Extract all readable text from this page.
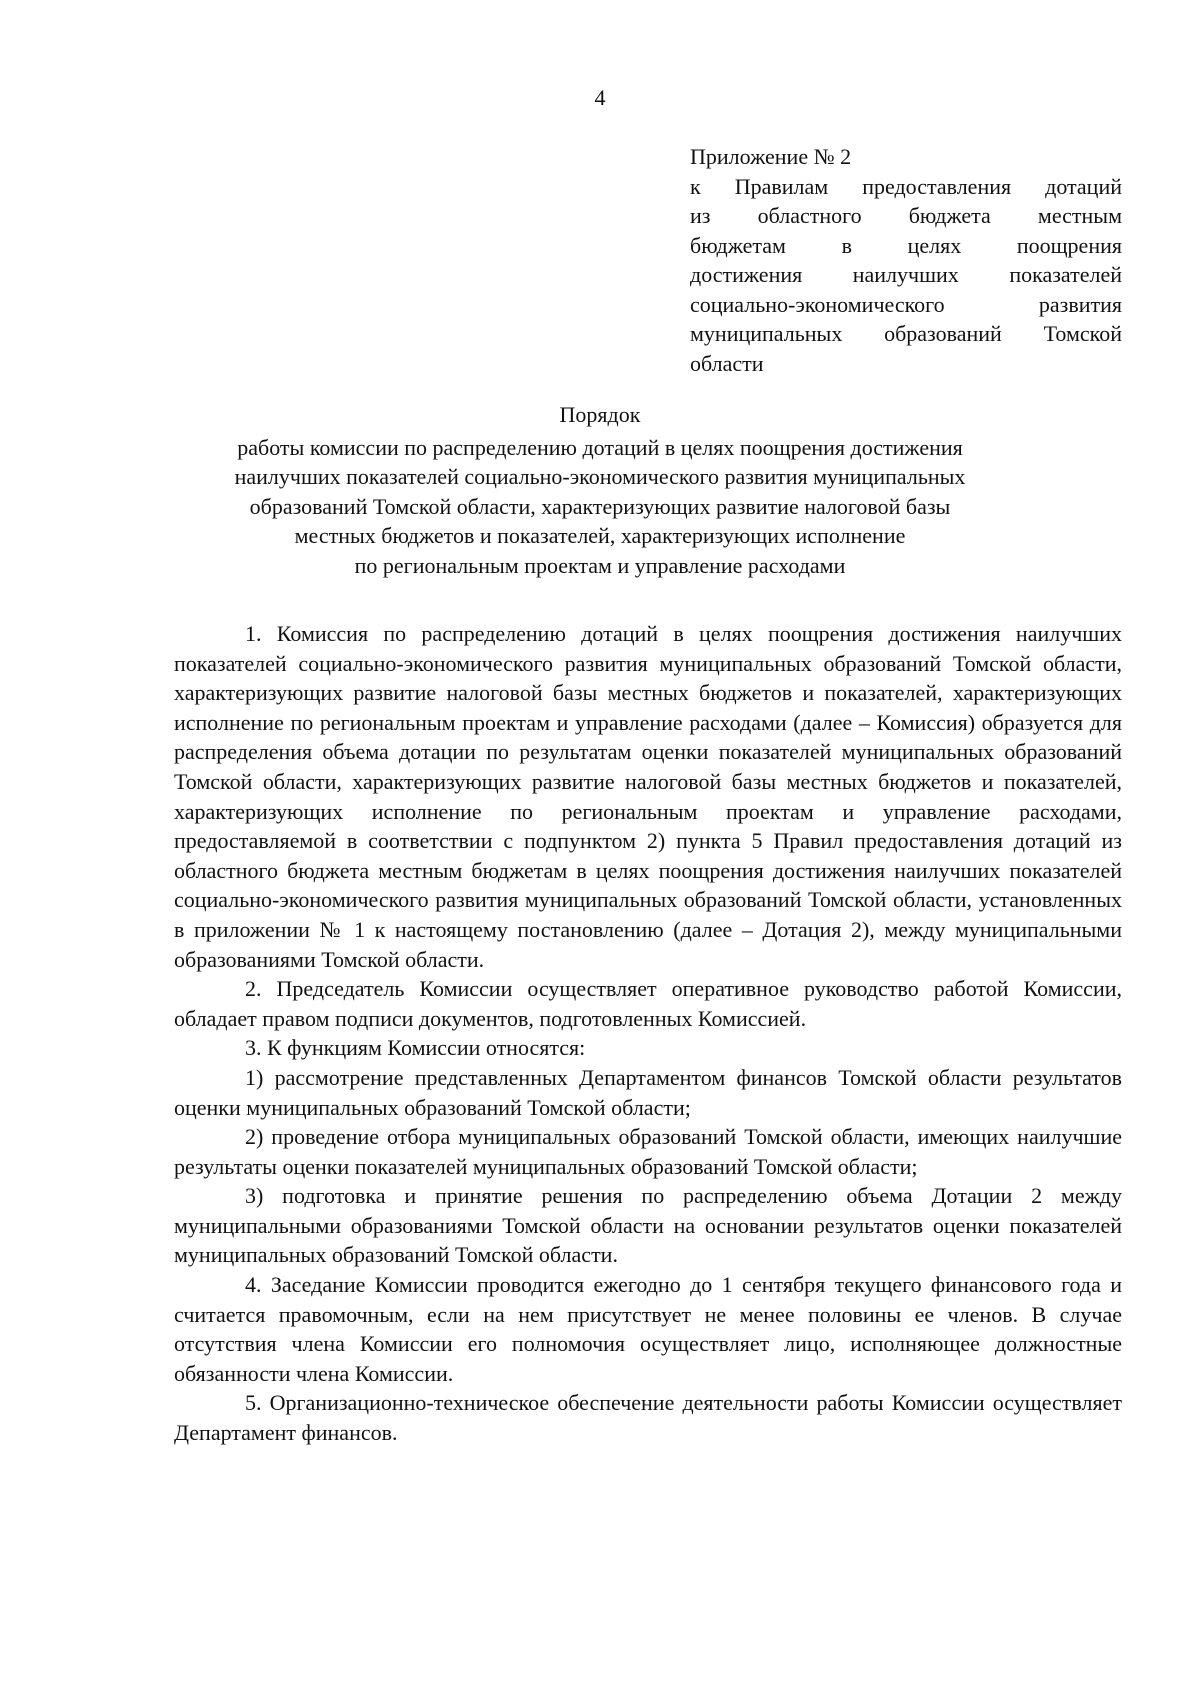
4
Приложение № 2
к Правилам предоставления дотаций
из областного бюджета местным
бюджетам в целях поощрения
достижения наилучших показателей
социально-экономического развития
муниципальных образований Томской
области
Порядок
работы комиссии по распределению дотаций в целях поощрения достижения
наилучших показателей социально-экономического развития муниципальных
образований Томской области, характеризующих развитие налоговой базы
местных бюджетов и показателей, характеризующих исполнение
по региональным проектам и управление расходами

1. Комиссия по распределению дотаций в целях поощрения достижения наилучших показателей социально-экономического развития муниципальных образований Томской области, характеризующих развитие налоговой базы местных бюджетов и показателей, характеризующих исполнение по региональным проектам и управление расходами (далее – Комиссия) образуется для распределения объема дотации по результатам оценки показателей муниципальных образований Томской области, характеризующих развитие налоговой базы местных бюджетов и показателей, характеризующих исполнение по региональным проектам и управление расходами, предоставляемой в соответствии с подпунктом 2) пункта 5 Правил предоставления дотаций из областного бюджета местным бюджетам в целях поощрения достижения наилучших показателей социально-экономического развития муниципальных образований Томской области, установленных в приложении № 1 к настоящему постановлению (далее – Дотация 2), между муниципальными образованиями Томской области.

2. Председатель Комиссии осуществляет оперативное руководство работой Комиссии, обладает правом подписи документов, подготовленных Комиссией.

3. К функциям Комиссии относятся:

1) рассмотрение представленных Департаментом финансов Томской области результатов оценки муниципальных образований Томской области;

2) проведение отбора муниципальных образований Томской области, имеющих наилучшие результаты оценки показателей муниципальных образований Томской области;

3) подготовка и принятие решения по распределению объема Дотации 2 между муниципальными образованиями Томской области на основании результатов оценки показателей муниципальных образований Томской области.

4. Заседание Комиссии проводится ежегодно до 1 сентября текущего финансового года и считается правомочным, если на нем присутствует не менее половины ее членов. В случае отсутствия члена Комиссии его полномочия осуществляет лицо, исполняющее должностные обязанности члена Комиссии.

5. Организационно-техническое обеспечение деятельности работы Комиссии осуществляет Департамент финансов.
